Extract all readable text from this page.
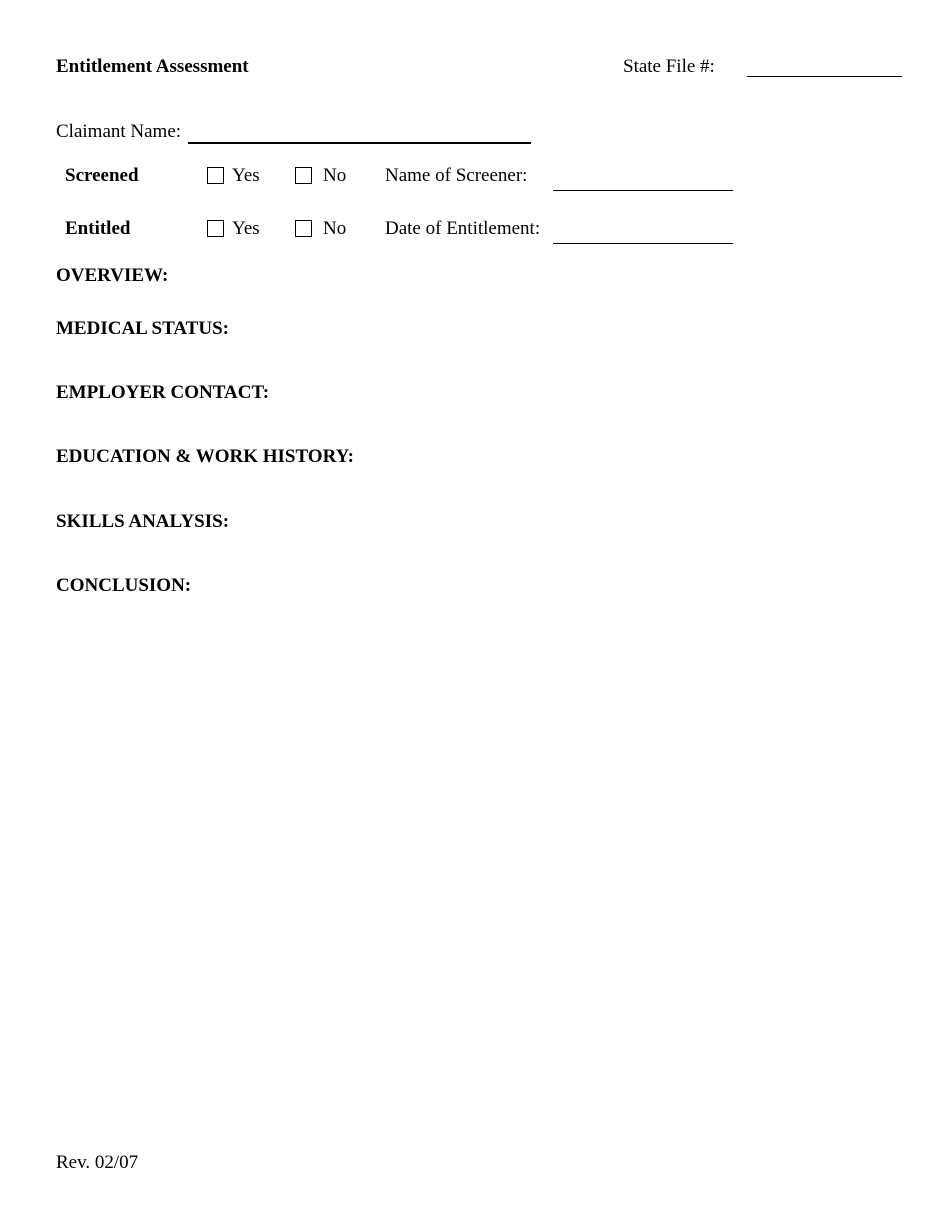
Entitlement Assessment	State File #:
Claimant Name:
Screened	Yes	No Name of Screener:
Entitled	Yes	No Date of Entitlement:
OVERVIEW:
MEDICAL STATUS:
EMPLOYER CONTACT:
EDUCATION & WORK HISTORY:
SKILLS ANALYSIS:
CONCLUSION:
Rev. 02/07
